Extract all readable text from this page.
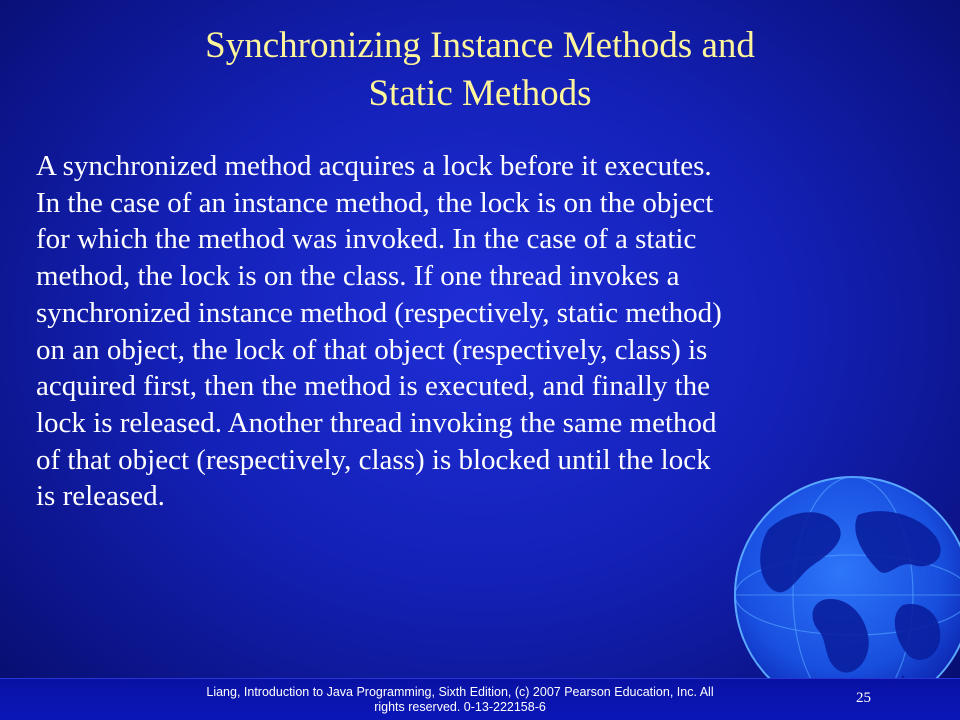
Synchronizing Instance Methods and
Static Methods
A synchronized method acquires a lock before it executes.
In the case of an instance method, the lock is on the object
for which the method was invoked. In the case of a static
method, the lock is on the class. If one thread invokes a
synchronized instance method (respectively, static method)
on an object, the lock of that object (respectively, class) is
acquired first, then the method is executed, and finally the
lock is released. Another thread invoking the same method
of that object (respectively, class) is blocked until the lock
is released.
Liang, Introduction to Java Programming, Sixth Edition, (c) 2007 Pearson Education, Inc. All
rights reserved. 0-13-222158-6
25
